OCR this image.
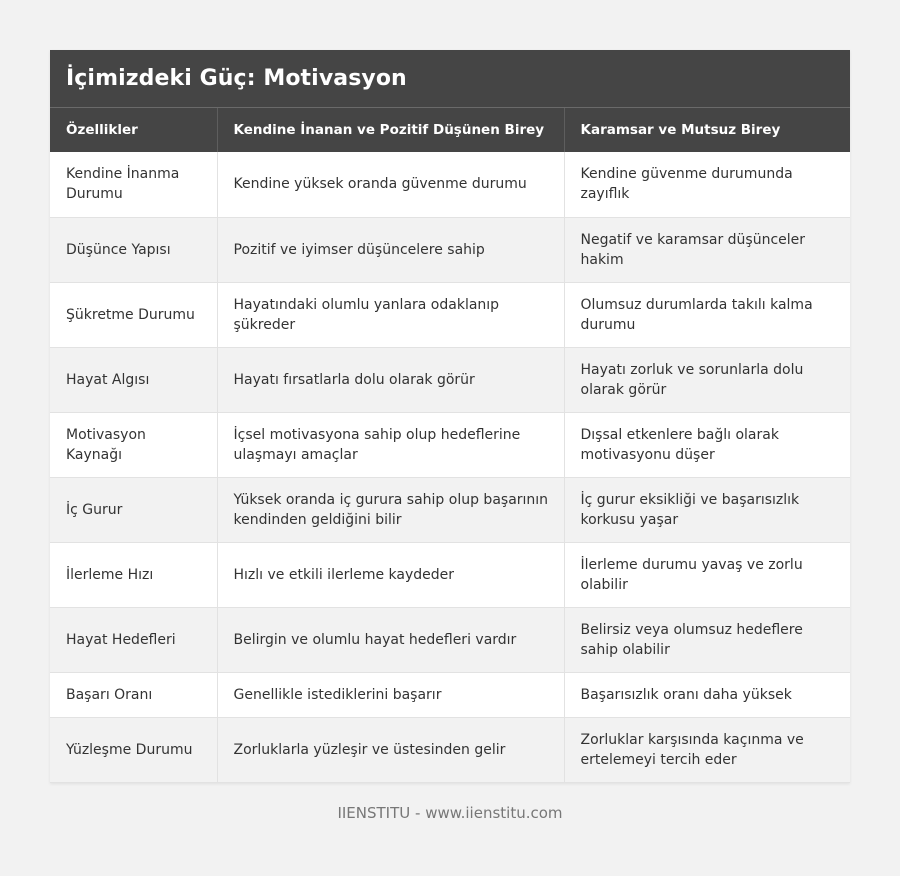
İçimizdeki Güç: Motivasyon
Özellikler	Kendine İnanan ve Pozitif Düşünen Birey	Karamsar ve Mutsuz Birey
Kendine İnanma Durumu	Kendine yüksek oranda güvenme durumu	Kendine güvenme durumunda zayıflık
Düşünce Yapısı	Pozitif ve iyimser düşüncelere sahip	Negatif ve karamsar düşünceler hakim
Şükretme Durumu	Hayatındaki olumlu yanlara odaklanıp şükreder	Olumsuz durumlarda takılı kalma durumu
Hayat Algısı	Hayatı fırsatlarla dolu olarak görür	Hayatı zorluk ve sorunlarla dolu olarak görür
Motivasyon Kaynağı	İçsel motivasyona sahip olup hedeflerine ulaşmayı amaçlar	Dışsal etkenlere bağlı olarak motivasyonu düşer
İç Gurur	Yüksek oranda iç gurura sahip olup başarının kendinden geldiğini bilir	İç gurur eksikliği ve başarısızlık korkusu yaşar
İlerleme Hızı	Hızlı ve etkili ilerleme kaydeder	İlerleme durumu yavaş ve zorlu olabilir
Hayat Hedefleri	Belirgin ve olumlu hayat hedefleri vardır	Belirsiz veya olumsuz hedeflere sahip olabilir
Başarı Oranı	Genellikle istediklerini başarır	Başarısızlık oranı daha yüksek
Yüzleşme Durumu	Zorluklarla yüzleşir ve üstesinden gelir	Zorluklar karşısında kaçınma ve ertelemeyi tercih eder
IIENSTITU - www.iienstitu.com
